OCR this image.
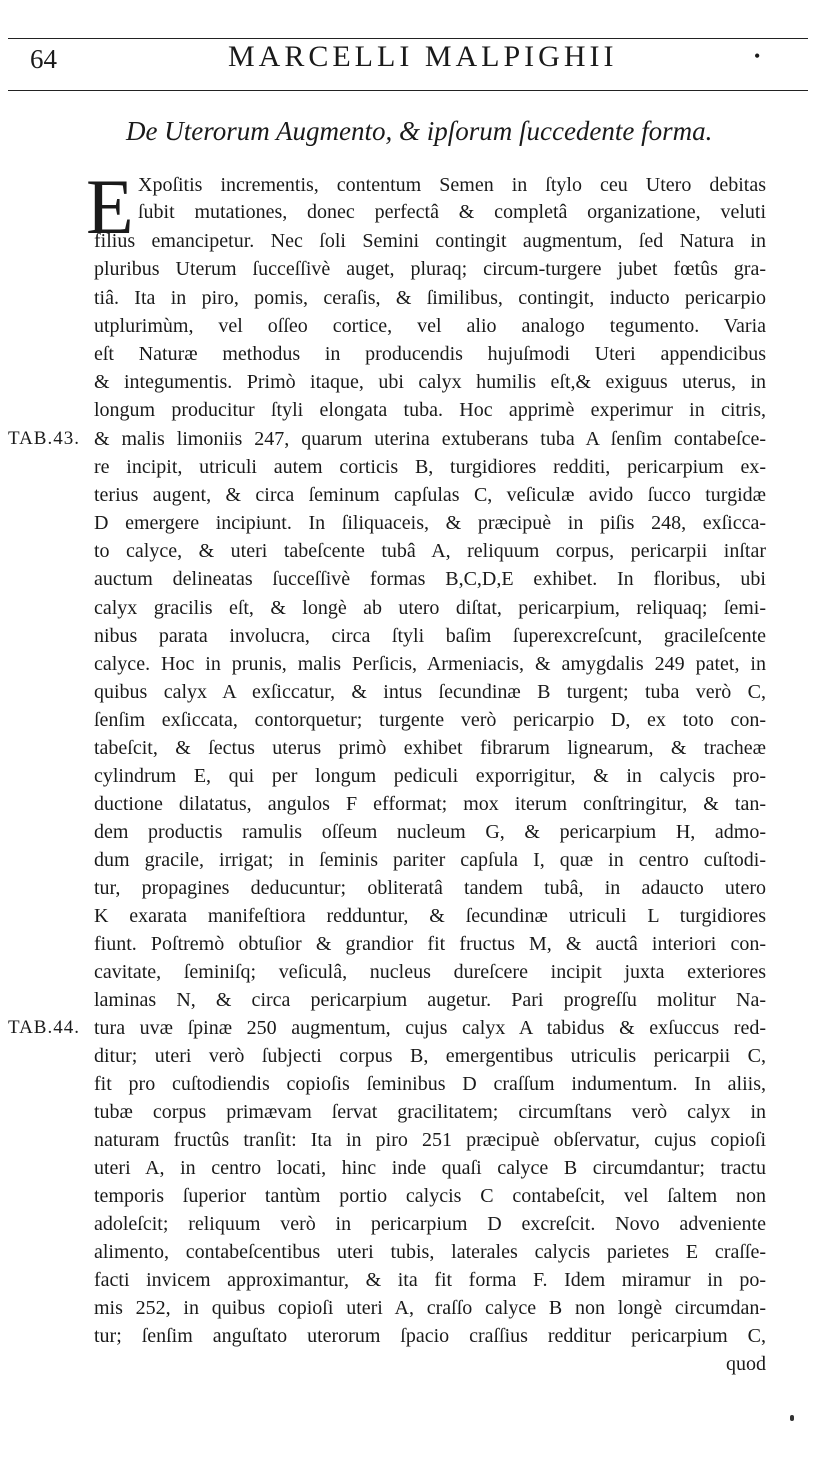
64	MARCELLI MALPIGHII	•
De Uterorum Augmento, & ipſorum ſuccedente forma.
E Xpoſitis incrementis, contentum Semen in ſtylo ceu Utero debitas
ſubit mutationes, donec perfectâ & completâ organizatione, veluti
filius emancipetur. Nec ſoli Semini contingit augmentum, ſed Natura in
pluribus Uterum ſucceſſivè auget, pluraq; circum-turgere jubet fœtûs gra-
tiâ. Ita in piro, pomis, ceraſis, & ſimilibus, contingit, inducto pericarpio
utplurimùm, vel oſſeo cortice, vel alio analogo tegumento. Varia
eſt Naturæ methodus in producendis hujuſmodi Uteri appendicibus
& integumentis. Primò itaque, ubi calyx humilis eſt,& exiguus uterus, in
longum producitur ſtyli elongata tuba. Hoc apprimè experimur in citris,
& malis limoniis 247, quarum uterina extuberans tuba A ſenſim contabeſce-
re incipit, utriculi autem corticis B, turgidiores redditi, pericarpium ex-
terius augent, & circa ſeminum capſulas C, veſiculæ avido ſucco turgidæ
D emergere incipiunt. In ſiliquaceis, & præcipuè in piſis 248, exſicca-
to calyce, & uteri tabeſcente tubâ A, reliquum corpus, pericarpii inſtar
auctum delineatas ſucceſſivè formas B,C,D,E exhibet. In floribus, ubi
calyx gracilis eſt, & longè ab utero diſtat, pericarpium, reliquaq; ſemi-
nibus parata involucra, circa ſtyli baſim ſuperexcreſcunt, gracileſcente
calyce. Hoc in prunis, malis Perſicis, Armeniacis, & amygdalis 249 patet, in
quibus calyx A exſiccatur, & intus ſecundinæ B turgent; tuba verò C,
ſenſim exſiccata, contorquetur; turgente verò pericarpio D, ex toto con-
tabeſcit, & ſectus uterus primò exhibet fibrarum lignearum, & tracheæ
cylindrum E, qui per longum pediculi exporrigitur, & in calycis pro-
ductione dilatatus, angulos F efformat; mox iterum conſtringitur, & tan-
dem productis ramulis oſſeum nucleum G, & pericarpium H, admo-
dum gracile, irrigat; in ſeminis pariter capſula I, quæ in centro cuſtodi-
tur, propagines deducuntur; obliteratâ tandem tubâ, in adaucto utero
K exarata manifeſtiora redduntur, & ſecundinæ utriculi L turgidiores
fiunt. Poſtremò obtuſior & grandior fit fructus M, & auctâ interiori con-
cavitate, ſeminiſq; veſiculâ, nucleus dureſcere incipit juxta exteriores
laminas N, & circa pericarpium augetur. Pari progreſſu molitur Na-
tura uvæ ſpinæ 250 augmentum, cujus calyx A tabidus & exſuccus red-
ditur; uteri verò ſubjecti corpus B, emergentibus utriculis pericarpii C,
fit pro cuſtodiendis copioſis ſeminibus D craſſum indumentum. In aliis,
tubæ corpus primævam ſervat gracilitatem; circumſtans verò calyx in
naturam fructûs tranſit: Ita in piro 251 præcipuè obſervatur, cujus copioſi
uteri A, in centro locati, hinc inde quaſi calyce B circumdantur; tractu
temporis ſuperior tantùm portio calycis C contabeſcit, vel ſaltem non
adoleſcit; reliquum verò in pericarpium D excreſcit. Novo adveniente
alimento, contabeſcentibus uteri tubis, laterales calycis parietes E craſſe-
facti invicem approximantur, & ita fit forma F. Idem miramur in po-
mis 252, in quibus copioſi uteri A, craſſo calyce B non longè circumdan-
tur; ſenſim anguſtato uterorum ſpacio craſſius redditur pericarpium C,
quod
TAB.43.
TAB.44.
